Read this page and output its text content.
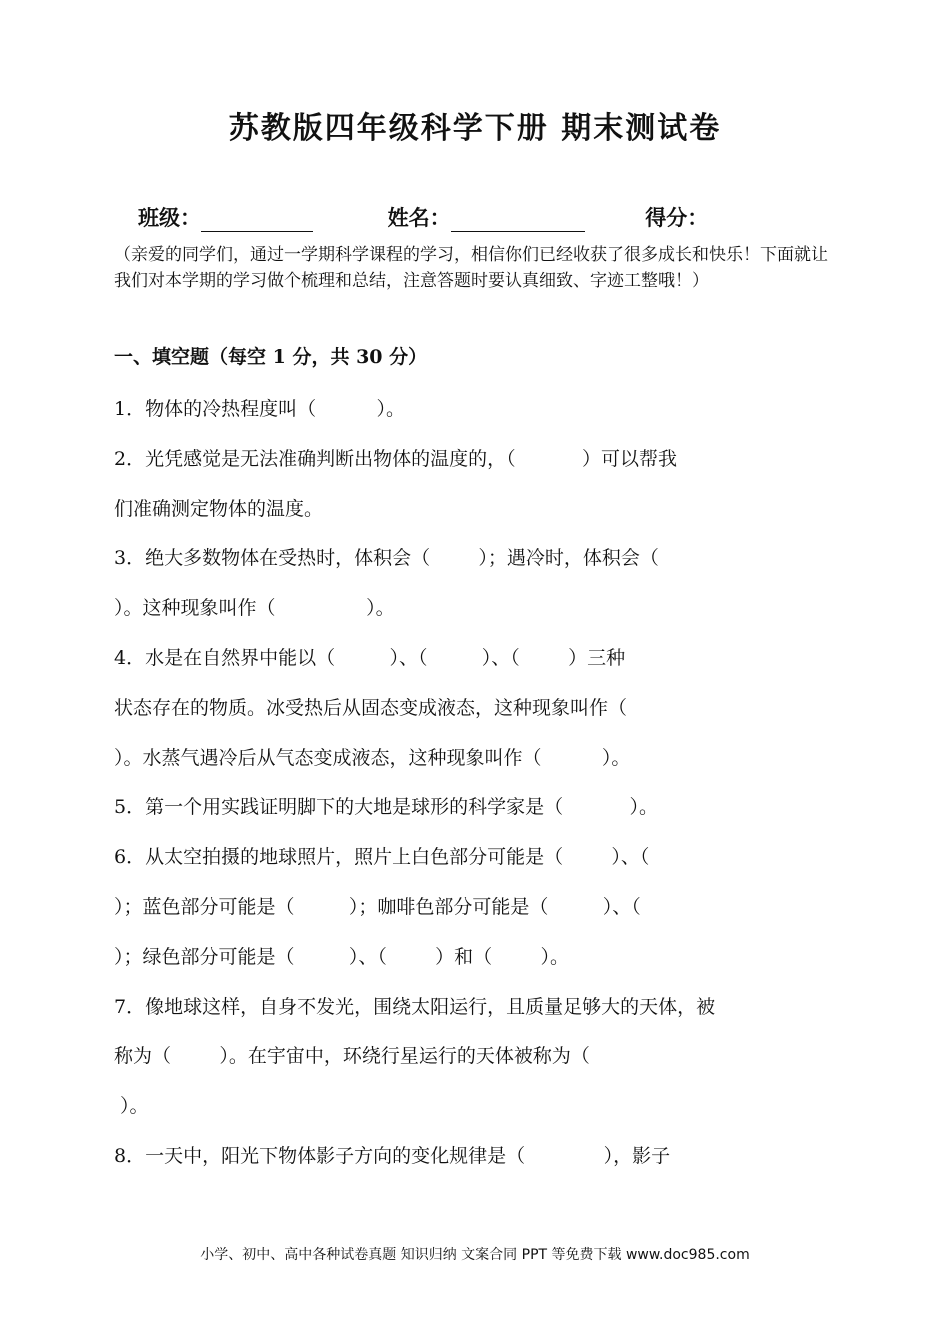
苏教版四年级科学下册 期末测试卷
班级：	姓名：	得分：
（亲爱的同学们，通过一学期科学课程的学习，相信你们已经收获了很多成长和快乐！下面就让我们对本学期的学习做个梳理和总结，注意答题时要认真细致、字迹工整哦！）
一、填空题（每空 1 分，共 30 分）
1．物体的冷热程度叫（          ）。
2．光凭感觉是无法准确判断出物体的温度的，（           ）可以帮我
们准确测定物体的温度。
3．绝大多数物体在受热时，体积会（        ）；遇冷时，体积会（
）。这种现象叫作（               ）。
4．水是在自然界中能以（         ）、（         ）、（        ）三种
状态存在的物质。冰受热后从固态变成液态，这种现象叫作（
）。水蒸气遇冷后从气态变成液态，这种现象叫作（          ）。
5．第一个用实践证明脚下的大地是球形的科学家是（           ）。
6．从太空拍摄的地球照片，照片上白色部分可能是（        ）、（
）；蓝色部分可能是（         ）；咖啡色部分可能是（         ）、（
）；绿色部分可能是（         ）、（        ）和（        ）。
7．像地球这样，自身不发光，围绕太阳运行，且质量足够大的天体，被
称为（        ）。在宇宙中，环绕行星运行的天体被称为（
）。
8．一天中，阳光下物体影子方向的变化规律是（             ），影子
小学、初中、高中各种试卷真题 知识归纳 文案合同 PPT 等免费下载 www.doc985.com
